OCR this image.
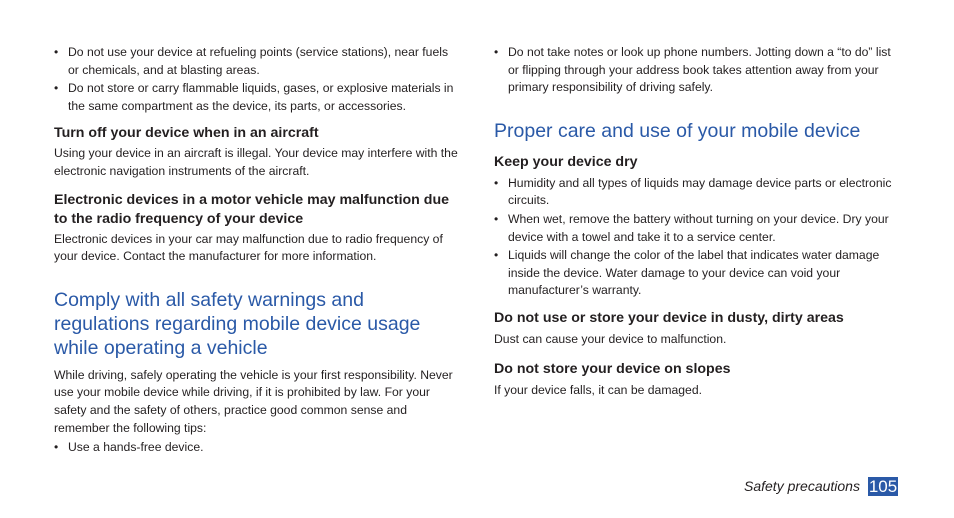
• Do not use your device at refueling points (service stations), near fuels or chemicals, and at blasting areas.
• Do not store or carry flammable liquids, gases, or explosive materials in the same compartment as the device, its parts, or accessories.
Turn off your device when in an aircraft

Using your device in an aircraft is illegal. Your device may interfere with the electronic navigation instruments of the aircraft.

Electronic devices in a motor vehicle may malfunction due to the radio frequency of your device

Electronic devices in your car may malfunction due to radio frequency of your device. Contact the manufacturer for more information.

Comply with all safety warnings and regulations regarding mobile device usage while operating a vehicle

While driving, safely operating the vehicle is your first responsibility. Never use your mobile device while driving, if it is prohibited by law. For your safety and the safety of others, practice good common sense and remember the following tips:

• Use a hands-free device.
• Do not take notes or look up phone numbers. Jotting down a “to do” list or flipping through your address book takes attention away from your primary responsibility of driving safely.
Proper care and use of your mobile device
Keep your device dry
• Humidity and all types of liquids may damage device parts or electronic circuits.
• When wet, remove the battery without turning on your device. Dry your device with a towel and take it to a service center.
• Liquids will change the color of the label that indicates water damage inside the device. Water damage to your device can void your manufacturer’s warranty.
Do not use or store your device in dusty, dirty areas

Dust can cause your device to malfunction.

Do not store your device on slopes

If your device falls, it can be damaged.

Safety precautions 105
